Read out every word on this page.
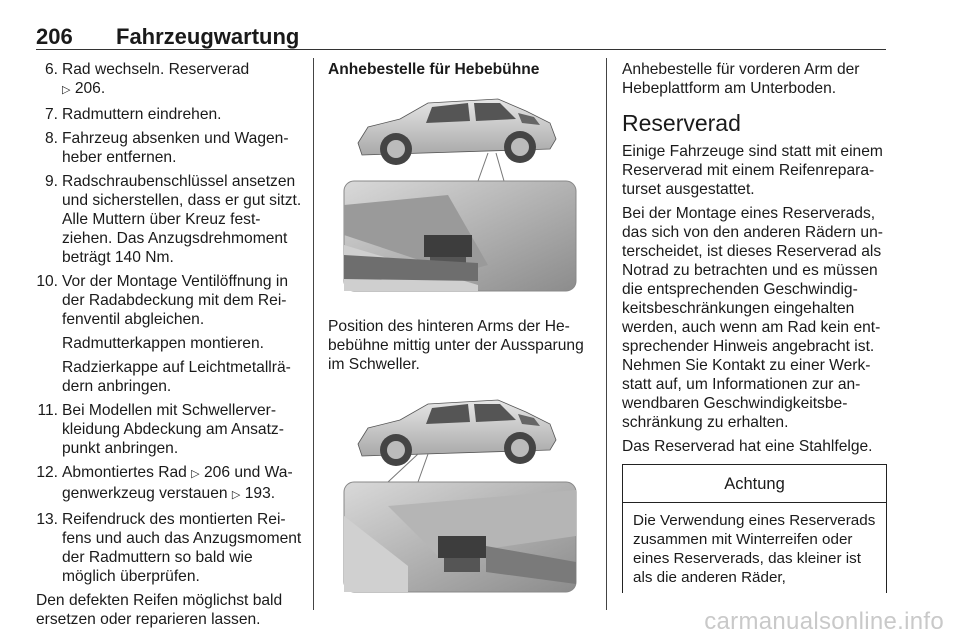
206 Fahrzeugwartung
6. Rad wechseln. Reserverad
▷ 206.
7. Radmuttern eindrehen.
8. Fahrzeug absenken und Wagenheber entfernen.
9. Radschraubenschlüssel ansetzen und sicherstellen, dass er gut sitzt. Alle Muttern über Kreuz festziehen. Das Anzugsdrehmoment beträgt 140 Nm.
10. Vor der Montage Ventilöffnung in der Radabdeckung mit dem Reifenventil abgleichen.
Radmutterkappen montieren.
Radzierkappe auf Leichtmetallrädern anbringen.
11. Bei Modellen mit Schwellerverkleidung Abdeckung am Ansatzpunkt anbringen.
12. Abmontiertes Rad ▷ 206 und Wagenwerkzeug verstauen ▷ 193.
13. Reifendruck des montierten Reifens und auch das Anzugsmoment der Radmuttern so bald wie möglich überprüfen.

Den defekten Reifen möglichst bald ersetzen oder reparieren lassen.

Anhebestelle für Hebebühne
Position des hinteren Arms der Hebebühne mittig unter der Aussparung im Schweller.

Anhebestelle für vorderen Arm der Hebeplattform am Unterboden.

Reserverad

Einige Fahrzeuge sind statt mit einem Reserverad mit einem Reifenreparaturset ausgestattet.

Bei der Montage eines Reserverads, das sich von den anderen Rädern unterscheidet, ist dieses Reserverad als Notrad zu betrachten und es müssen die entsprechenden Geschwindigkeitsbeschränkungen eingehalten werden, auch wenn am Rad kein entsprechender Hinweis angebracht ist. Nehmen Sie Kontakt zu einer Werkstatt auf, um Informationen zur anwendbaren Geschwindigkeitsbeschränkung zu erhalten.

Das Reserverad hat eine Stahlfelge.

Achtung
Die Verwendung eines Reserverads zusammen mit Winterreifen oder eines Reserverads, das kleiner ist als die anderen Räder,
carmanualsonline.info
